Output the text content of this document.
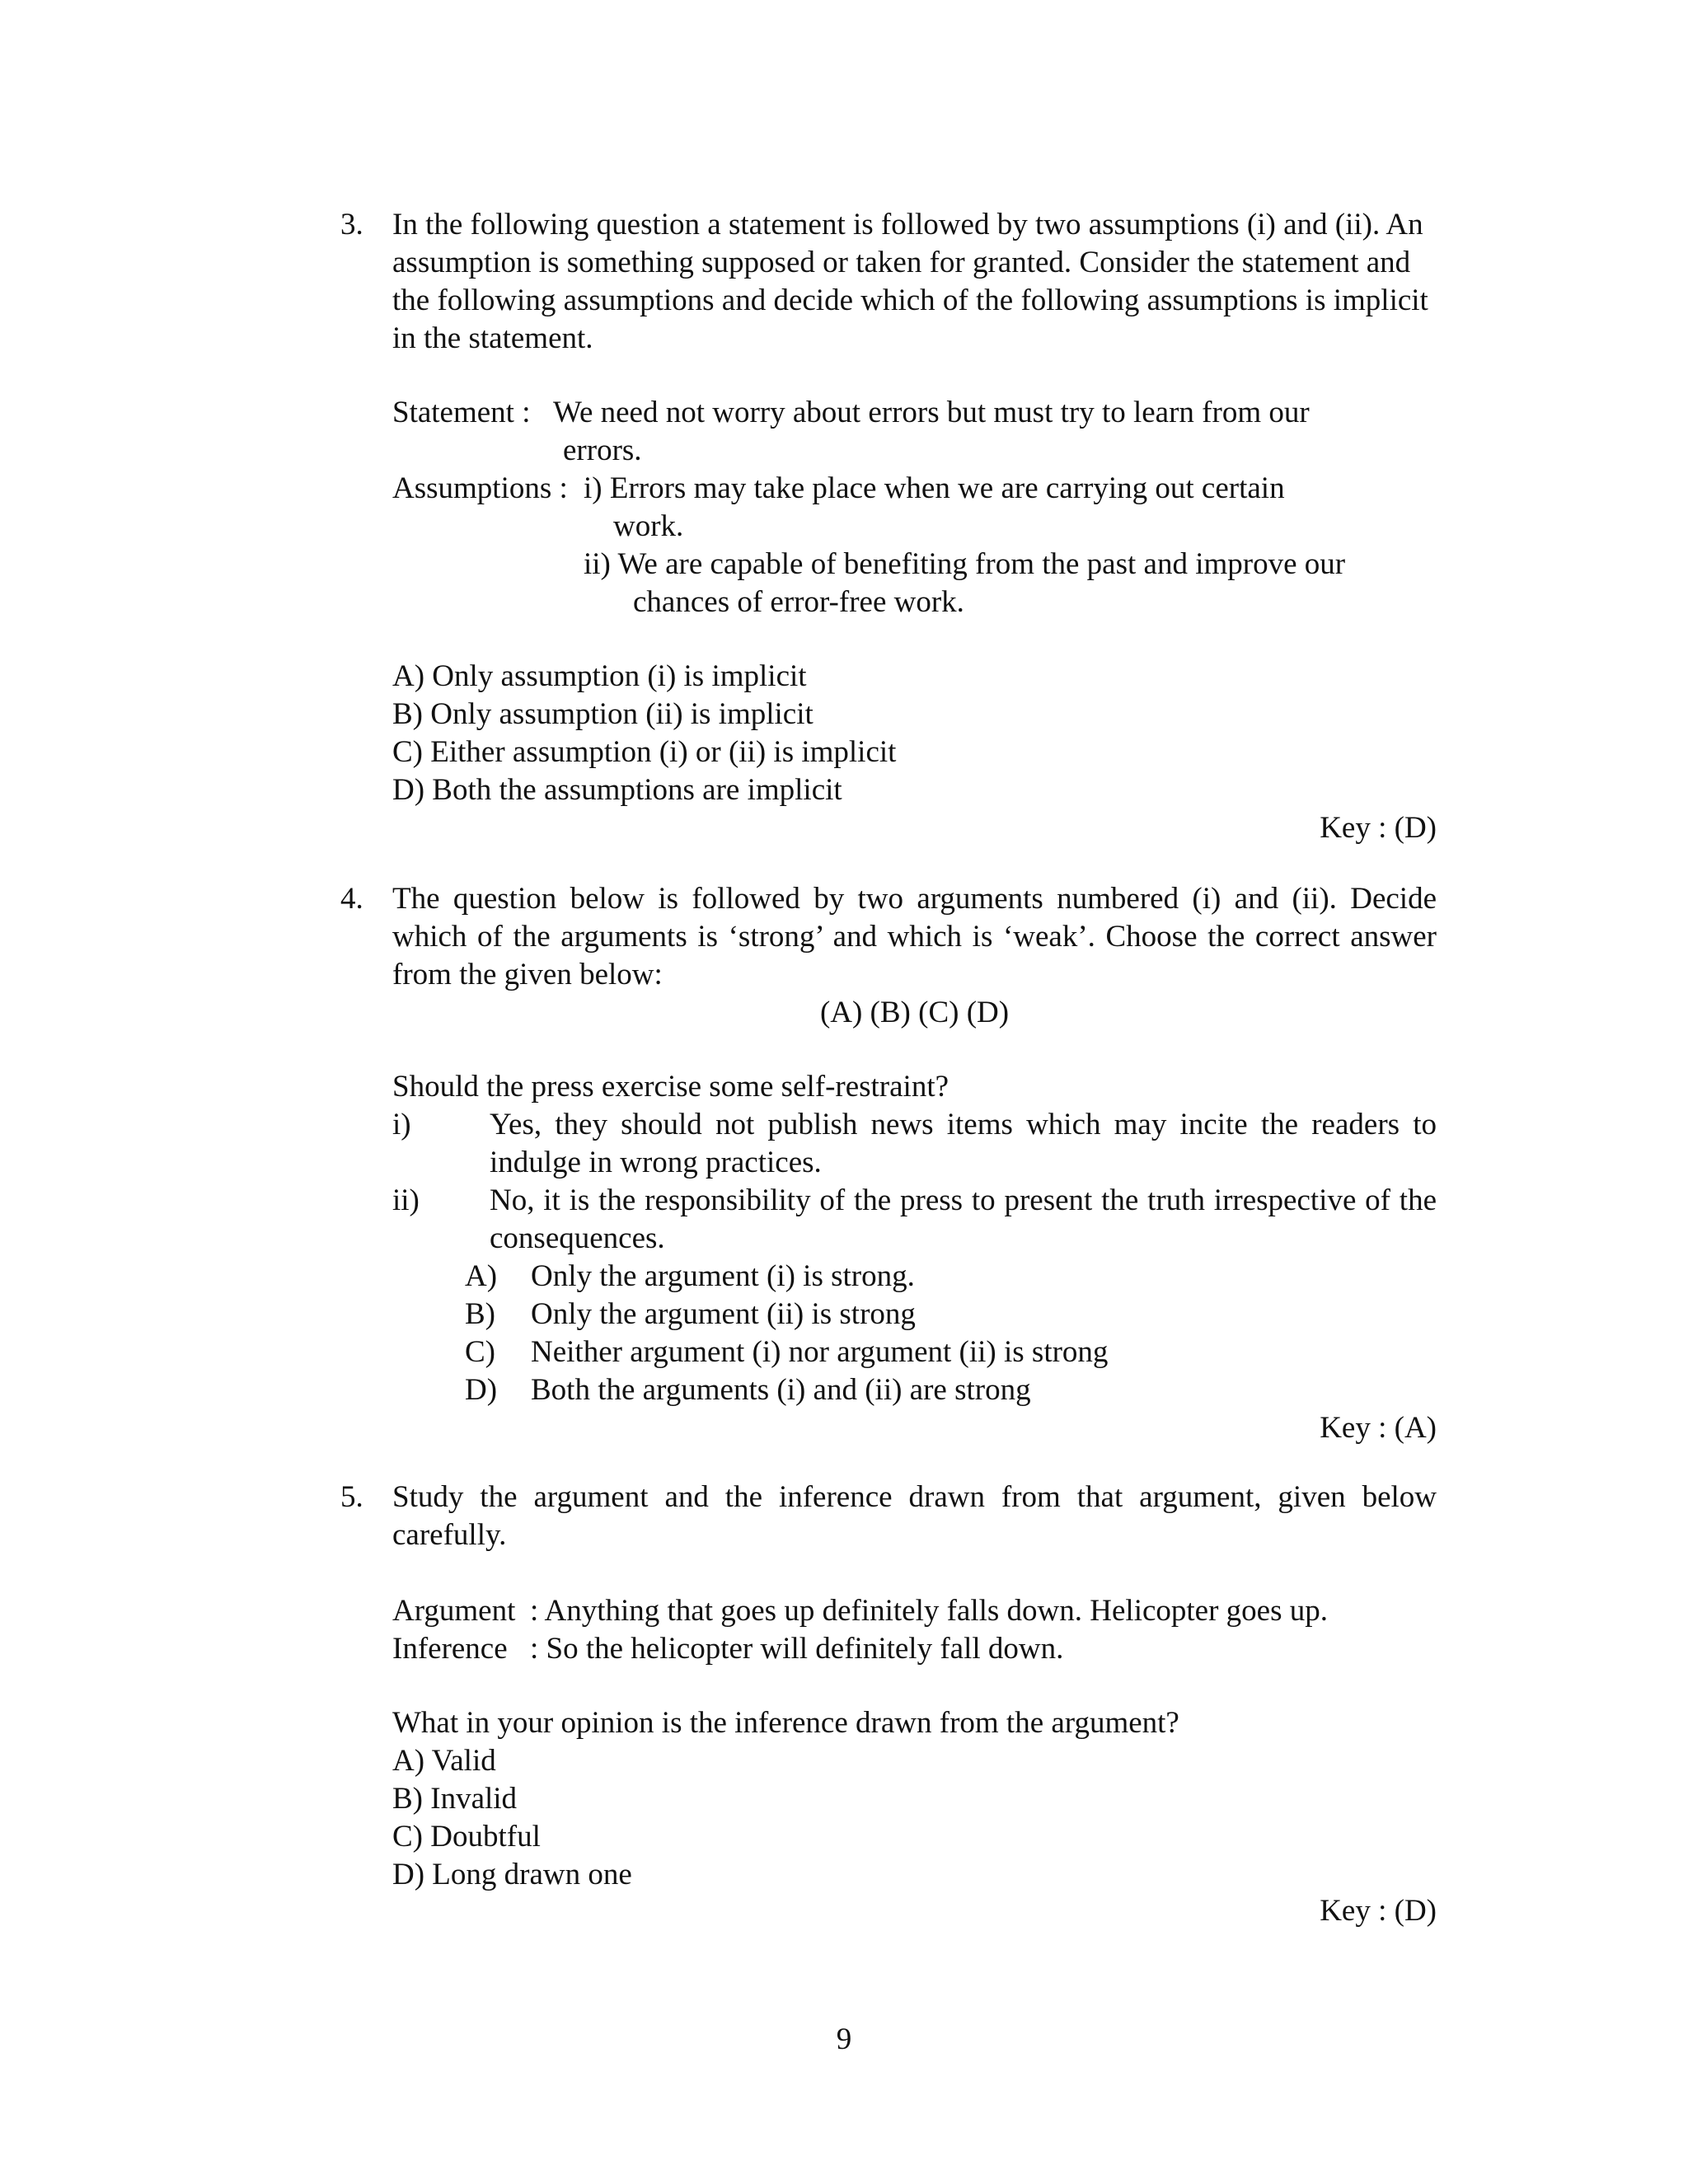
3. In the following question a statement is followed by two assumptions (i) and (ii). An assumption is something supposed or taken for granted. Consider the statement and the following assumptions and decide which of the following assumptions is implicit in the statement.

Statement : We need not worry about errors but must try to learn from our
errors.
Assumptions : i) Errors may take place when we are carrying out certain
work.
ii) We are capable of benefiting from the past and improve our
chances of error-free work.
A) Only assumption (i) is implicit
B) Only assumption (ii) is implicit
C) Either assumption (i) or (ii) is implicit
D) Both the assumptions are implicit
Key : (D)
4. The question below is followed by two arguments numbered (i) and (ii). Decide which of the arguments is ‘strong’ and which is ‘weak’. Choose the correct answer from the given below:

(A) (B) (C) (D)
Should the press exercise some self-restraint?
i)	Yes, they should not publish news items which may incite the readers to indulge in wrong practices.

ii) No, it is the responsibility of the press to present the truth irrespective of the consequences.

A) Only the argument (i) is strong.
B) Only the argument (ii) is strong
C) Neither argument (i) nor argument (ii) is strong
D) Both the arguments (i) and (ii) are strong
Key : (A)
5. Study the argument and the inference drawn from that argument, given below carefully.

Argument : Anything that goes up definitely falls down. Helicopter goes up.
Inference : So the helicopter will definitely fall down.
What in your opinion is the inference drawn from the argument?
A) Valid
B) Invalid
C) Doubtful
D) Long drawn one
Key : (D)
9
